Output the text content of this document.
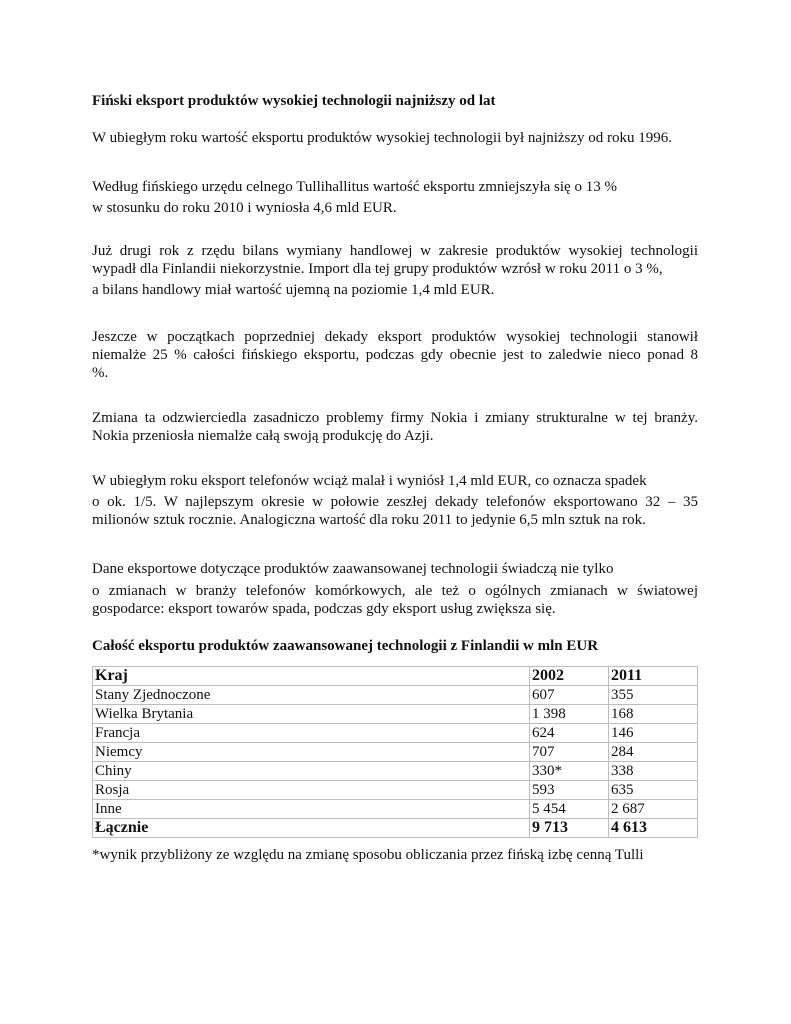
Fiński eksport produktów wysokiej technologii najniższy od lat
W ubiegłym roku wartość eksportu produktów wysokiej technologii był najniższy od roku 1996.
Według fińskiego urzędu celnego Tullihallitus wartość eksportu zmniejszyła się o 13 %
w stosunku do roku 2010 i wyniosła 4,6 mld EUR.
Już drugi rok z rzędu bilans wymiany handlowej w zakresie produktów wysokiej technologii
wypadł dla Finlandii niekorzystnie. Import dla tej grupy produktów wzrósł w roku 2011 o 3 %,
a bilans handlowy miał wartość ujemną na poziomie 1,4 mld EUR.
Jeszcze w początkach poprzedniej dekady eksport produktów wysokiej technologii stanowił
niemalże 25 % całości fińskiego eksportu, podczas gdy obecnie jest to zaledwie nieco ponad 8
%.
Zmiana ta odzwierciedla zasadniczo problemy firmy Nokia i zmiany strukturalne w tej branży.
Nokia przeniosła niemalże całą swoją produkcję do Azji.
W ubiegłym roku eksport telefonów wciąż malał i wyniósł 1,4 mld EUR, co oznacza spadek
o ok. 1/5. W najlepszym okresie w połowie zeszłej dekady telefonów eksportowano 32 – 35
milionów sztuk rocznie. Analogiczna wartość dla roku 2011 to jedynie 6,5 mln sztuk na rok.
Dane eksportowe dotyczące produktów zaawansowanej technologii świadczą nie tylko
o zmianach w branży telefonów komórkowych, ale też o ogólnych zmianach w światowej
gospodarce: eksport towarów spada, podczas gdy eksport usług zwiększa się.

Całość eksportu produktów zaawansowanej technologii z Finlandii w mln EUR

Kraj	2002	2011
Stany Zjednoczone	607	355
Wielka Brytania	1 398	168
Francja	624	146
Niemcy	707	284
Chiny	330*	338
Rosja	593	635
Inne	5 454	2 687
Łącznie	9 713	4 613

*wynik przybliżony ze względu na zmianę sposobu obliczania przez fińską izbę cenną Tulli
